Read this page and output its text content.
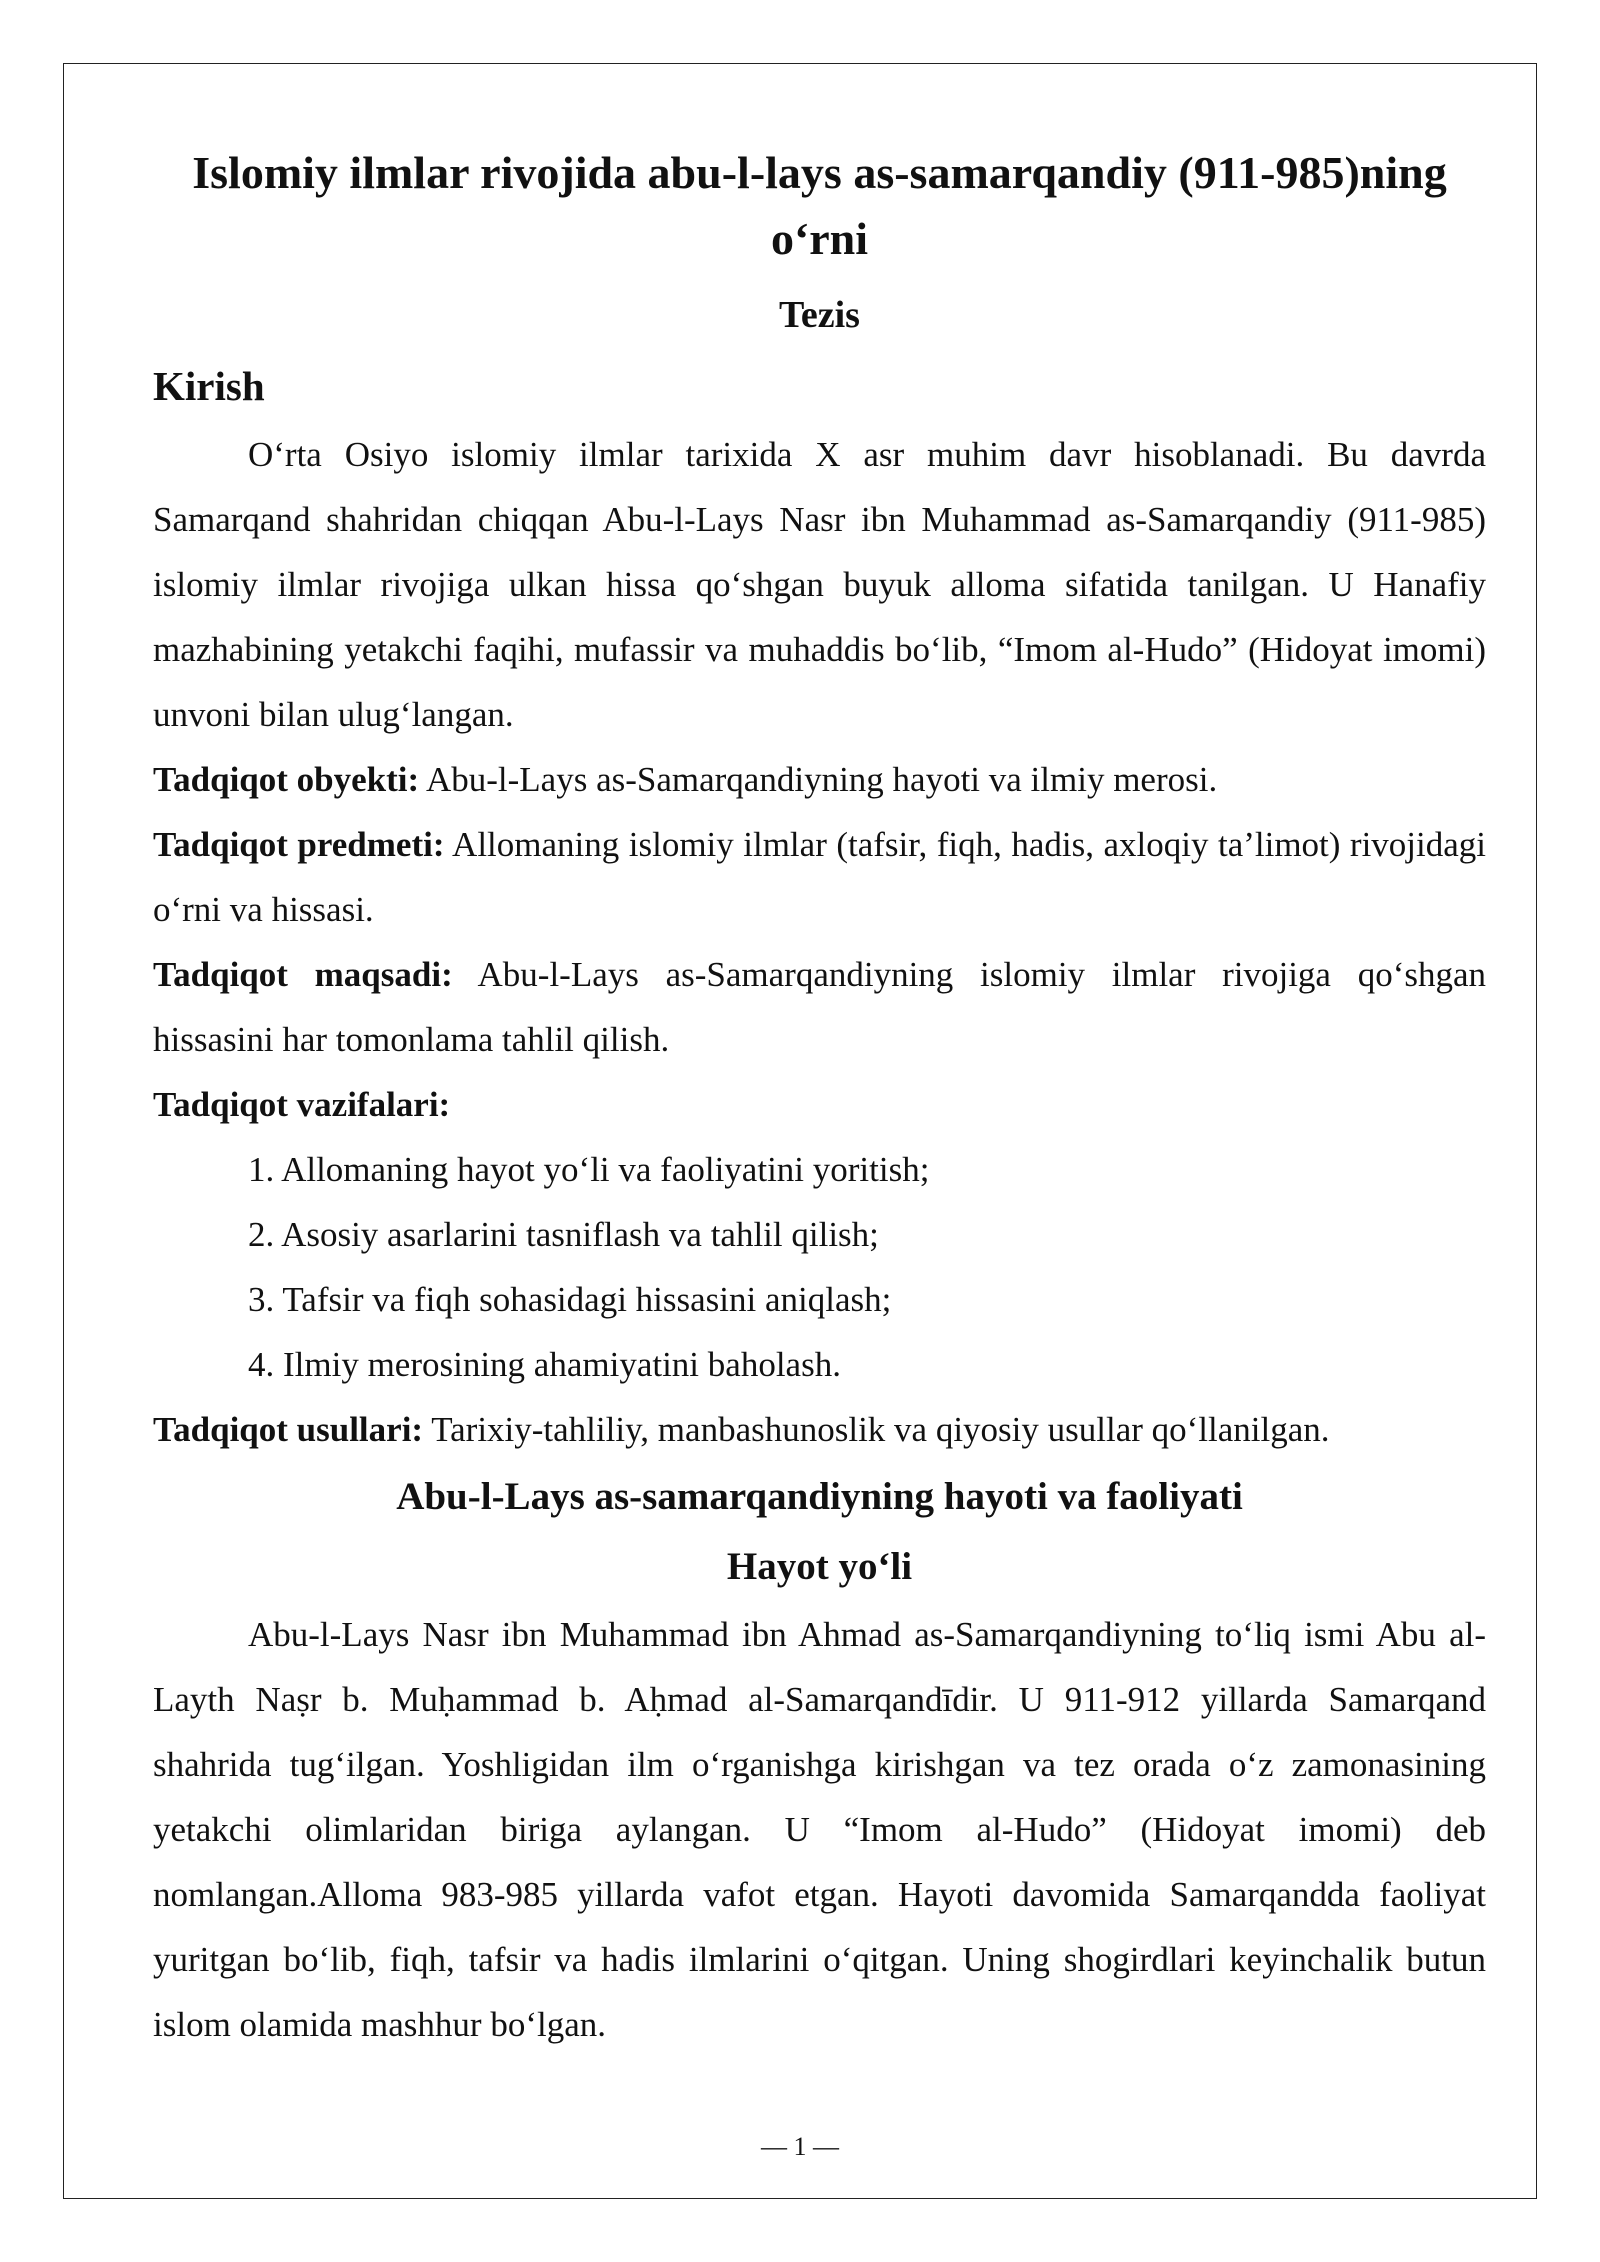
Islomiy ilmlar rivojida abu-l-lays as-samarqandiy (911-985)ning
o‘rni
Tezis
Kirish

O‘rta Osiyo islomiy ilmlar tarixida X asr muhim davr hisoblanadi. Bu davrda Samarqand shahridan chiqqan Abu-l-Lays Nasr ibn Muhammad as-Samarqandiy (911-985) islomiy ilmlar rivojiga ulkan hissa qo‘shgan buyuk alloma sifatida tanilgan. U Hanafiy mazhabining yetakchi faqihi, mufassir va muhaddis bo‘lib, “Imom al-Hudo” (Hidoyat imomi) unvoni bilan ulug‘langan.

Tadqiqot obyekti: Abu-l-Lays as-Samarqandiyning hayoti va ilmiy merosi.

Tadqiqot predmeti: Allomaning islomiy ilmlar (tafsir, fiqh, hadis, axloqiy ta’limot) rivojidagi o‘rni va hissasi.

Tadqiqot maqsadi: Abu-l-Lays as-Samarqandiyning islomiy ilmlar rivojiga qo‘shgan hissasini har tomonlama tahlil qilish.

Tadqiqot vazifalari:

1. Allomaning hayot yo‘li va faoliyatini yoritish;
2. Asosiy asarlarini tasniflash va tahlil qilish;
3. Tafsir va fiqh sohasidagi hissasini aniqlash;
4. Ilmiy merosining ahamiyatini baholash.

Tadqiqot usullari: Tarixiy-tahliliy, manbashunoslik va qiyosiy usullar qo‘llanilgan.

Abu-l-Lays as-samarqandiyning hayoti va faoliyati
Hayot yo‘li

Abu-l-Lays Nasr ibn Muhammad ibn Ahmad as-Samarqandiyning to‘liq ismi Abu al-Layth Naṣr b. Muḥammad b. Aḥmad al-Samarqandīdir. U 911-912 yillarda Samarqand shahrida tug‘ilgan. Yoshligidan ilm o‘rganishga kirishgan va tez orada o‘z zamonasining yetakchi olimlaridan biriga aylangan. U “Imom al-Hudo” (Hidoyat imomi) deb nomlangan.Alloma 983-985 yillarda vafot etgan. Hayoti davomida Samarqandda faoliyat yuritgan bo‘lib, fiqh, tafsir va hadis ilmlarini o‘qitgan. Uning shogirdlari keyinchalik butun islom olamida mashhur bo‘lgan.

— 1 —
